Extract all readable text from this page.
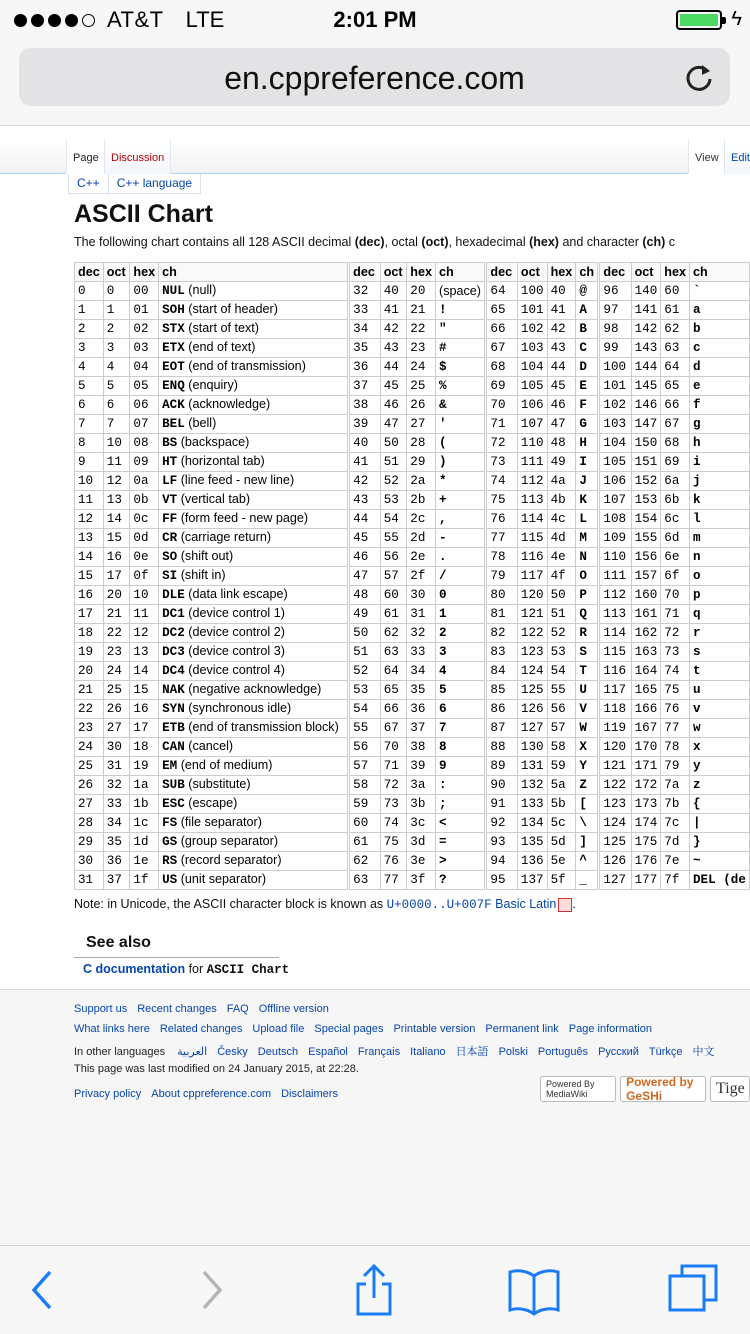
AT&T LTE	2:01 PM	ϟ
en.cppreference.com
Page	Discussion	View	Edit
C++	C++ language
ASCII Chart
The following chart contains all 128 ASCII decimal (dec), octal (oct), hexadecimal (hex) and character (ch) c
dec	oct	hex	ch		dec	oct	hex	ch		dec	oct	hex	ch		dec	oct	hex	ch
0	0	00	NUL (null)		32	40	20	(space)		64	100	40	@		96	140	60	`
1	1	01	SOH (start of header)		33	41	21	!		65	101	41	A		97	141	61	a
2	2	02	STX (start of text)		34	42	22	"		66	102	42	B		98	142	62	b
3	3	03	ETX (end of text)		35	43	23	#		67	103	43	C		99	143	63	c
4	4	04	EOT (end of transmission)		36	44	24	$		68	104	44	D		100	144	64	d
5	5	05	ENQ (enquiry)		37	45	25	%		69	105	45	E		101	145	65	e
6	6	06	ACK (acknowledge)		38	46	26	&		70	106	46	F		102	146	66	f
7	7	07	BEL (bell)		39	47	27	'		71	107	47	G		103	147	67	g
8	10	08	BS (backspace)		40	50	28	(		72	110	48	H		104	150	68	h
9	11	09	HT (horizontal tab)		41	51	29	)		73	111	49	I		105	151	69	i
10	12	0a	LF (line feed - new line)		42	52	2a	*		74	112	4a	J		106	152	6a	j
11	13	0b	VT (vertical tab)		43	53	2b	+		75	113	4b	K		107	153	6b	k
12	14	0c	FF (form feed - new page)		44	54	2c	,		76	114	4c	L		108	154	6c	l
13	15	0d	CR (carriage return)		45	55	2d	-		77	115	4d	M		109	155	6d	m
14	16	0e	SO (shift out)		46	56	2e	.		78	116	4e	N		110	156	6e	n
15	17	0f	SI (shift in)		47	57	2f	/		79	117	4f	O		111	157	6f	o
16	20	10	DLE (data link escape)		48	60	30	0		80	120	50	P		112	160	70	p
17	21	11	DC1 (device control 1)		49	61	31	1		81	121	51	Q		113	161	71	q
18	22	12	DC2 (device control 2)		50	62	32	2		82	122	52	R		114	162	72	r
19	23	13	DC3 (device control 3)		51	63	33	3		83	123	53	S		115	163	73	s
20	24	14	DC4 (device control 4)		52	64	34	4		84	124	54	T		116	164	74	t
21	25	15	NAK (negative acknowledge)		53	65	35	5		85	125	55	U		117	165	75	u
22	26	16	SYN (synchronous idle)		54	66	36	6		86	126	56	V		118	166	76	v
23	27	17	ETB (end of transmission block)		55	67	37	7		87	127	57	W		119	167	77	w
24	30	18	CAN (cancel)		56	70	38	8		88	130	58	X		120	170	78	x
25	31	19	EM (end of medium)		57	71	39	9		89	131	59	Y		121	171	79	y
26	32	1a	SUB (substitute)		58	72	3a	:		90	132	5a	Z		122	172	7a	z
27	33	1b	ESC (escape)		59	73	3b	;		91	133	5b	[		123	173	7b	{
28	34	1c	FS (file separator)		60	74	3c	<		92	134	5c	\		124	174	7c	|
29	35	1d	GS (group separator)		61	75	3d	=		93	135	5d	]		125	175	7d	}
30	36	1e	RS (record separator)		62	76	3e	>		94	136	5e	^		126	176	7e	~
31	37	1f	US (unit separator)		63	77	3f	?		95	137	5f	_		127	177	7f	DEL (de
Note: in Unicode, the ASCII character block is known as U+0000..U+007F Basic Latin .
See also
C documentation for ASCII Chart
Support us Recent changes FAQ Offline version
What links here Related changes Upload file Special pages Printable version Permanent link Page information
In other languages العربية Česky Deutsch Español Français Italiano 日本語 Polski Português Русский Türkçe 中文
This page was last modified on 24 January 2015, at 22:28.
Privacy policy About cppreference.com Disclaimers
Powered By MediaWiki
Powered by GeSHi	Tige
